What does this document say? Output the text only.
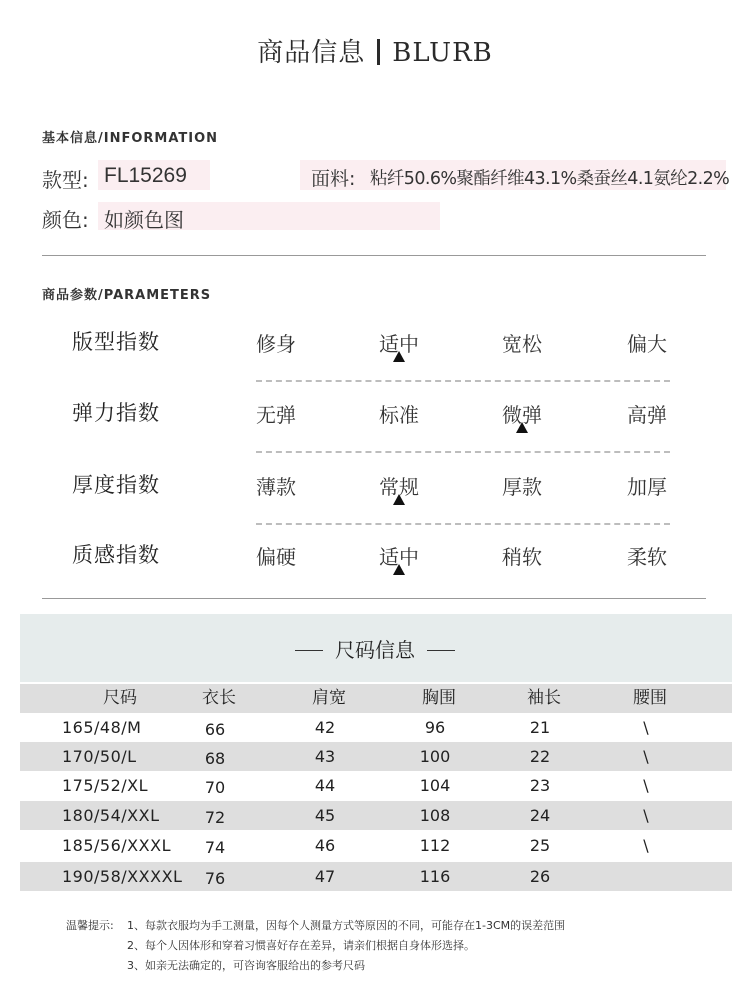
商品信息 BLURB
基本信息/INFORMATION
款型: FL15269	面料: 粘纤50.6%聚酯纤维43.1%桑蚕丝4.1氨纶2.2%
颜色: 如颜色图
商品参数/PARAMETERS
版型指数	修身	适中	宽松	偏大
弹力指数	无弹	标准	微弹	高弹
厚度指数	薄款	常规	厚款	加厚
质感指数	偏硬	适中	稍软	柔软
尺码信息
尺码	衣长	肩宽	胸围	袖长	腰围
165/48/M	66	42	96	21	\
170/50/L	68	43	100	22	\
175/52/XL	70	44	104	23	\
180/54/XXL	72	45	108	24	\
185/56/XXXL	74	46	112	25	\
190/58/XXXXL	76	47	116	26
温馨提示: 1、每款衣服均为手工测量，因每个人测量方式等原因的不同，可能存在1-3CM的误差范围
2、每个人因体形和穿着习惯喜好存在差异，请亲们根据自身体形选择。
3、如亲无法确定的，可咨询客服给出的参考尺码
